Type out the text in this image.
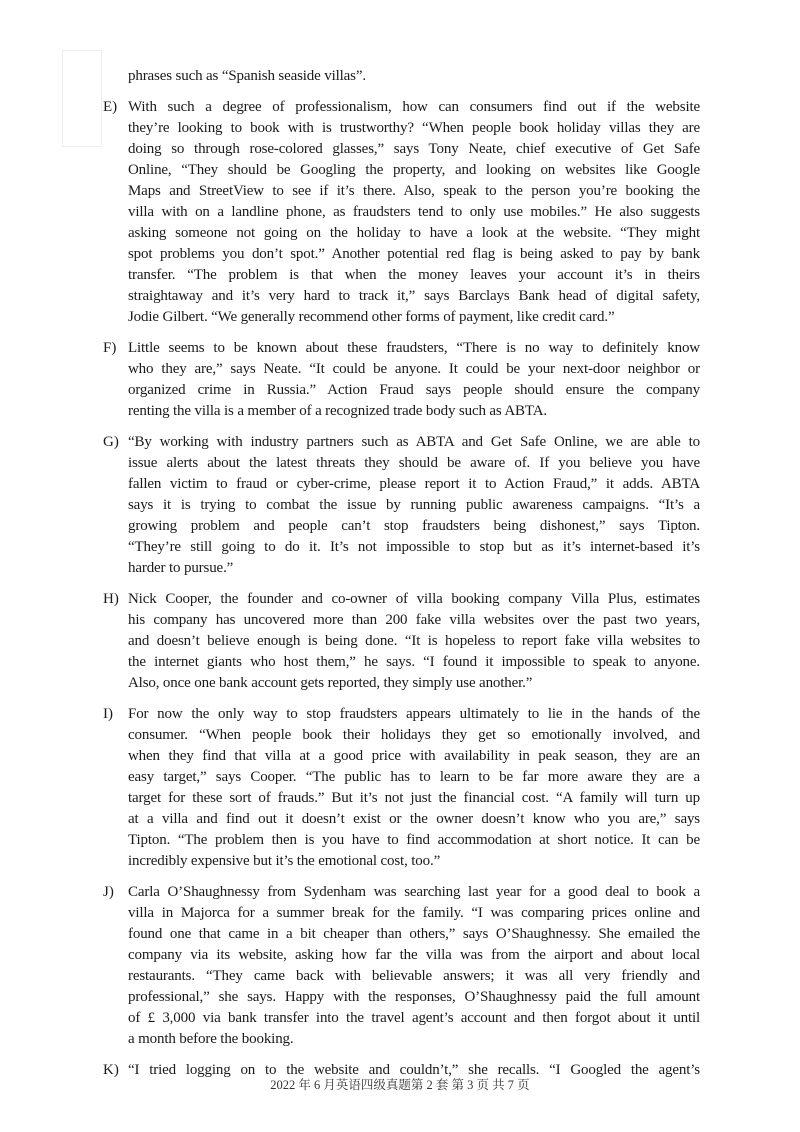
phrases such as “Spanish seaside villas”.
E) With such a degree of professionalism, how can consumers find out if the website
they’re looking to book with is trustworthy? “When people book holiday villas they are
doing so through rose-colored glasses,” says Tony Neate, chief executive of Get Safe
Online, “They should be Googling the property, and looking on websites like Google
Maps and StreetView to see if it’s there. Also, speak to the person you’re booking the
villa with on a landline phone, as fraudsters tend to only use mobiles.” He also suggests
asking someone not going on the holiday to have a look at the website. “They might
spot problems you don’t spot.” Another potential red flag is being asked to pay by bank
transfer. “The problem is that when the money leaves your account it’s in theirs
straightaway and it’s very hard to track it,” says Barclays Bank head of digital safety,
Jodie Gilbert. “We generally recommend other forms of payment, like credit card.”
F) Little seems to be known about these fraudsters, “There is no way to definitely know
who they are,” says Neate. “It could be anyone. It could be your next-door neighbor or
organized crime in Russia.” Action Fraud says people should ensure the company
renting the villa is a member of a recognized trade body such as ABTA.
G) “By working with industry partners such as ABTA and Get Safe Online, we are able to
issue alerts about the latest threats they should be aware of. If you believe you have
fallen victim to fraud or cyber-crime, please report it to Action Fraud,” it adds. ABTA
says it is trying to combat the issue by running public awareness campaigns. “It’s a
growing problem and people can’t stop fraudsters being dishonest,” says Tipton.
“They’re still going to do it. It’s not impossible to stop but as it’s internet-based it’s
harder to pursue.”
H) Nick Cooper, the founder and co-owner of villa booking company Villa Plus, estimates
his company has uncovered more than 200 fake villa websites over the past two years,
and doesn’t believe enough is being done. “It is hopeless to report fake villa websites to
the internet giants who host them,” he says. “I found it impossible to speak to anyone.
Also, once one bank account gets reported, they simply use another.”
I) For now the only way to stop fraudsters appears ultimately to lie in the hands of the
consumer. “When people book their holidays they get so emotionally involved, and
when they find that villa at a good price with availability in peak season, they are an
easy target,” says Cooper. “The public has to learn to be far more aware they are a
target for these sort of frauds.” But it’s not just the financial cost. “A family will turn up
at a villa and find out it doesn’t exist or the owner doesn’t know who you are,” says
Tipton. “The problem then is you have to find accommodation at short notice. It can be
incredibly expensive but it’s the emotional cost, too.”
J) Carla O’Shaughnessy from Sydenham was searching last year for a good deal to book a
villa in Majorca for a summer break for the family. “I was comparing prices online and
found one that came in a bit cheaper than others,” says O’Shaughnessy. She emailed the
company via its website, asking how far the villa was from the airport and about local
restaurants. “They came back with believable answers; it was all very friendly and
professional,” she says. Happy with the responses, O’Shaughnessy paid the full amount
of £ 3,000 via bank transfer into the travel agent’s account and then forgot about it until
a month before the booking.
K) “I tried logging on to the website and couldn’t,” she recalls. “I Googled the agent’s
2022 年 6 月英语四级真题第 2 套 第 3 页 共 7 页
